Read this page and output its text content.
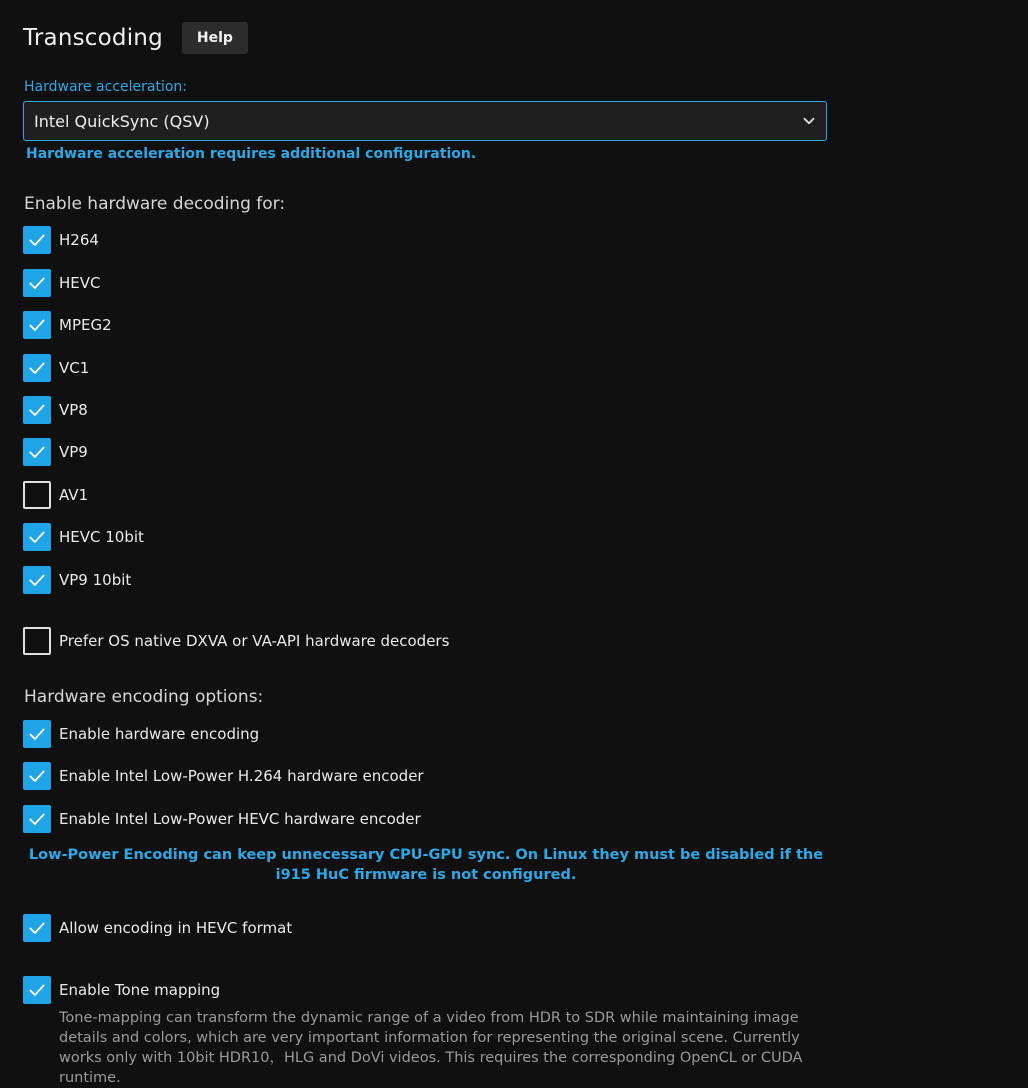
Transcoding	Help
Hardware acceleration:
Intel QuickSync (QSV)
Hardware acceleration requires additional configuration.
Enable hardware decoding for:
H264
HEVC
MPEG2
VC1
VP8
VP9
AV1
HEVC 10bit
VP9 10bit
Prefer OS native DXVA or VA-API hardware decoders
Hardware encoding options:
Enable hardware encoding
Enable Intel Low-Power H.264 hardware encoder
Enable Intel Low-Power HEVC hardware encoder
Low-Power Encoding can keep unnecessary CPU-GPU sync. On Linux they must be disabled if the i915 HuC firmware is not configured.
Allow encoding in HEVC format
Enable Tone mapping
Tone-mapping can transform the dynamic range of a video from HDR to SDR while maintaining image details and colors, which are very important information for representing the original scene. Currently works only with 10bit HDR10，HLG and DoVi videos. This requires the corresponding OpenCL or CUDA runtime.
